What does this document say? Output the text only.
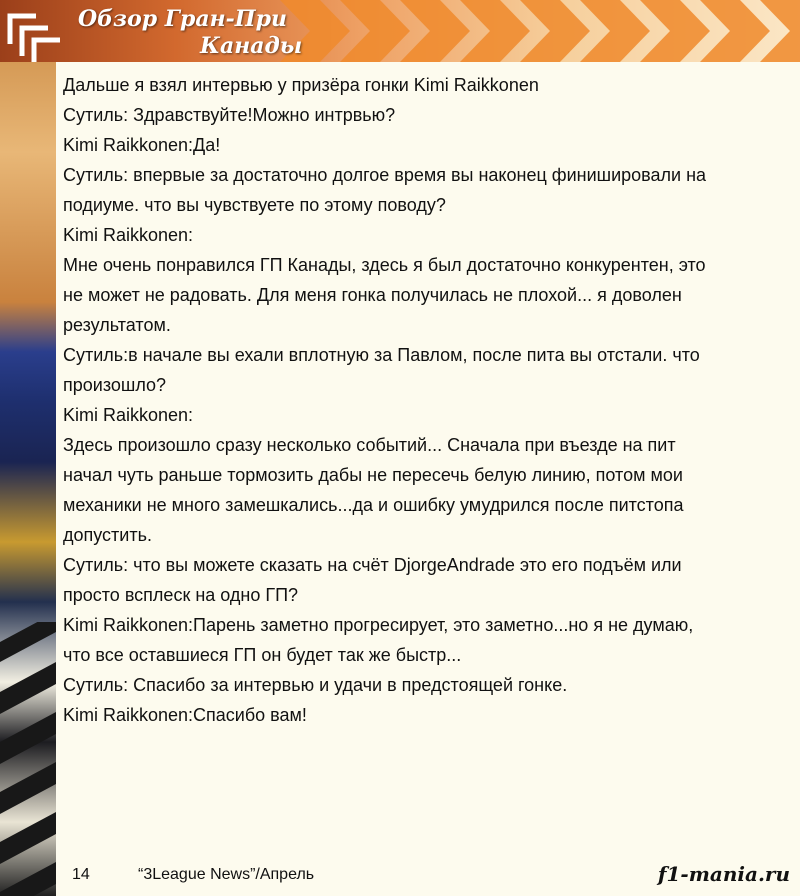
Обзор Гран-При
Канады
Дальше я взял интервью у призёра гонки Kimi Raikkonen
Сутиль: Здравствуйте!Можно интрвью?
Kimi Raikkonen:Да!
Сутиль: впервые за достаточно долгое время вы наконец финишировали на
подиуме. что вы чувствуете по этому поводу?
Kimi Raikkonen:
Мне очень понравился ГП Канады, здесь я был достаточно конкурентен, это
не может не радовать. Для меня гонка получилась не плохой... я доволен
результатом.
Сутиль:в начале вы ехали вплотную за Павлом, после пита вы отстали. что
произошло?
Kimi Raikkonen:
Здесь произошло сразу несколько событий... Сначала при въезде на пит
начал чуть раньше тормозить дабы не пересечь белую линию, потом мои
механики не много замешкались...да и ошибку умудрился после питстопа
допустить.
Сутиль: что вы можете сказать на счёт DjorgeAndrade это его подъём или
просто всплеск на одно ГП?
Kimi Raikkonen:Парень заметно прогресирует, это заметно...но я не думаю,
что все оставшиеся ГП он будет так же быстр...
Сутиль: Спасибо за интервью и удачи в предстоящей гонке.
Kimi Raikkonen:Спасибо вам!
14	“3League News”/Апрель	f1-mania.ru
